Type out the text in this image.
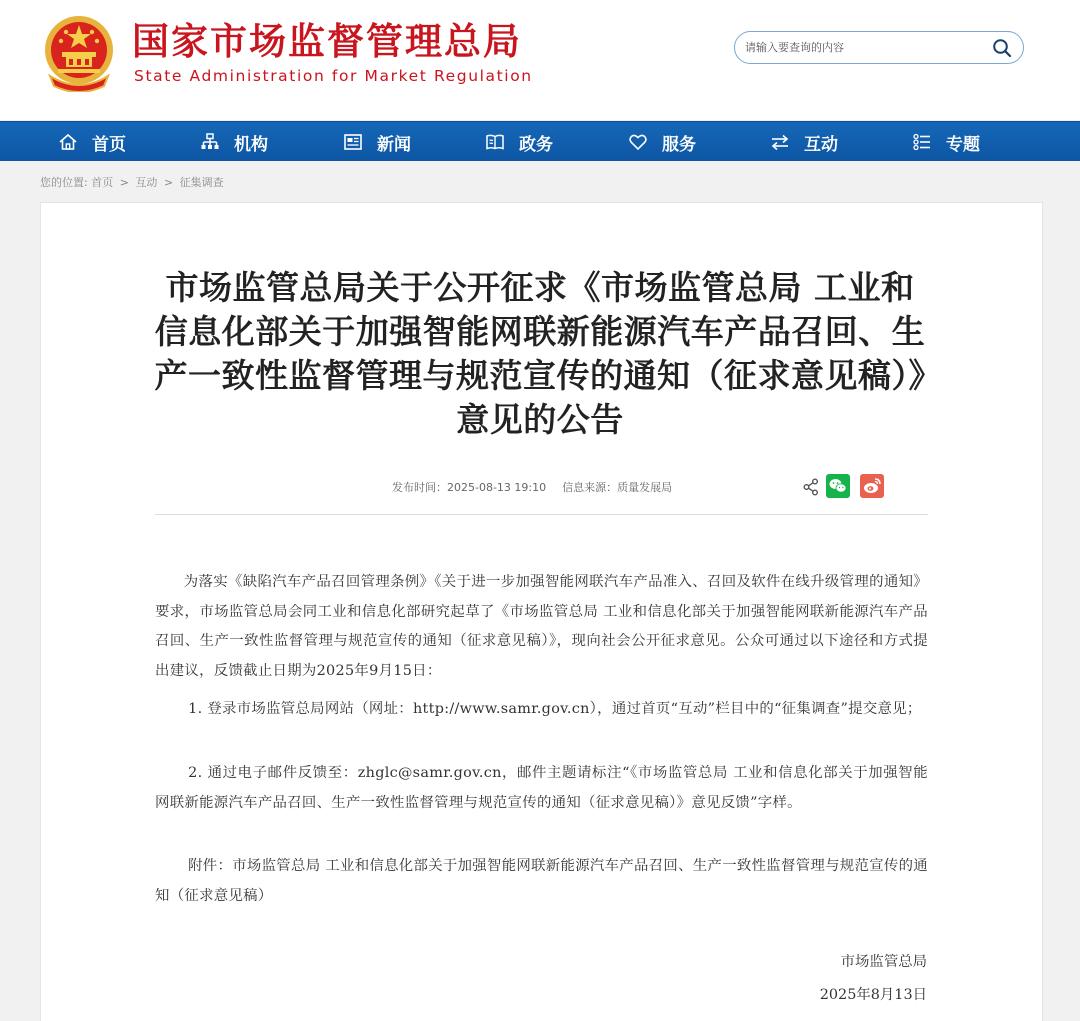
国家市场监督管理总局
State Administration for Market Regulation
请输入要查询的内容
首页	机构	新闻	政务	服务	互动	专题
您的位置: 首页 > 互动 > 征集调查
市场监管总局关于公开征求《市场监管总局 工业和信息化部关于加强智能网联新能源汽车产品召回、生产一致性监督管理与规范宣传的通知（征求意见稿）》意见的公告
发布时间：2025-08-13 19:10 信息来源：质量发展局

为落实《缺陷汽车产品召回管理条例》《关于进一步加强智能网联汽车产品准入、召回及软件在线升级管理的通知》要求，市场监管总局会同工业和信息化部研究起草了《市场监管总局 工业和信息化部关于加强智能网联新能源汽车产品召回、生产一致性监督管理与规范宣传的通知（征求意见稿）》，现向社会公开征求意见。公众可通过以下途径和方式提出建议，反馈截止日期为2025年9月15日：

1. 登录市场监管总局网站（网址：http://www.samr.gov.cn），通过首页“互动”栏目中的“征集调查”提交意见；

2. 通过电子邮件反馈至：zhglc@samr.gov.cn，邮件主题请标注“《市场监管总局 工业和信息化部关于加强智能网联新能源汽车产品召回、生产一致性监督管理与规范宣传的通知（征求意见稿）》意见反馈”字样。

附件：市场监管总局 工业和信息化部关于加强智能网联新能源汽车产品召回、生产一致性监督管理与规范宣传的通知（征求意见稿）

市场监管总局
2025年8月13日
